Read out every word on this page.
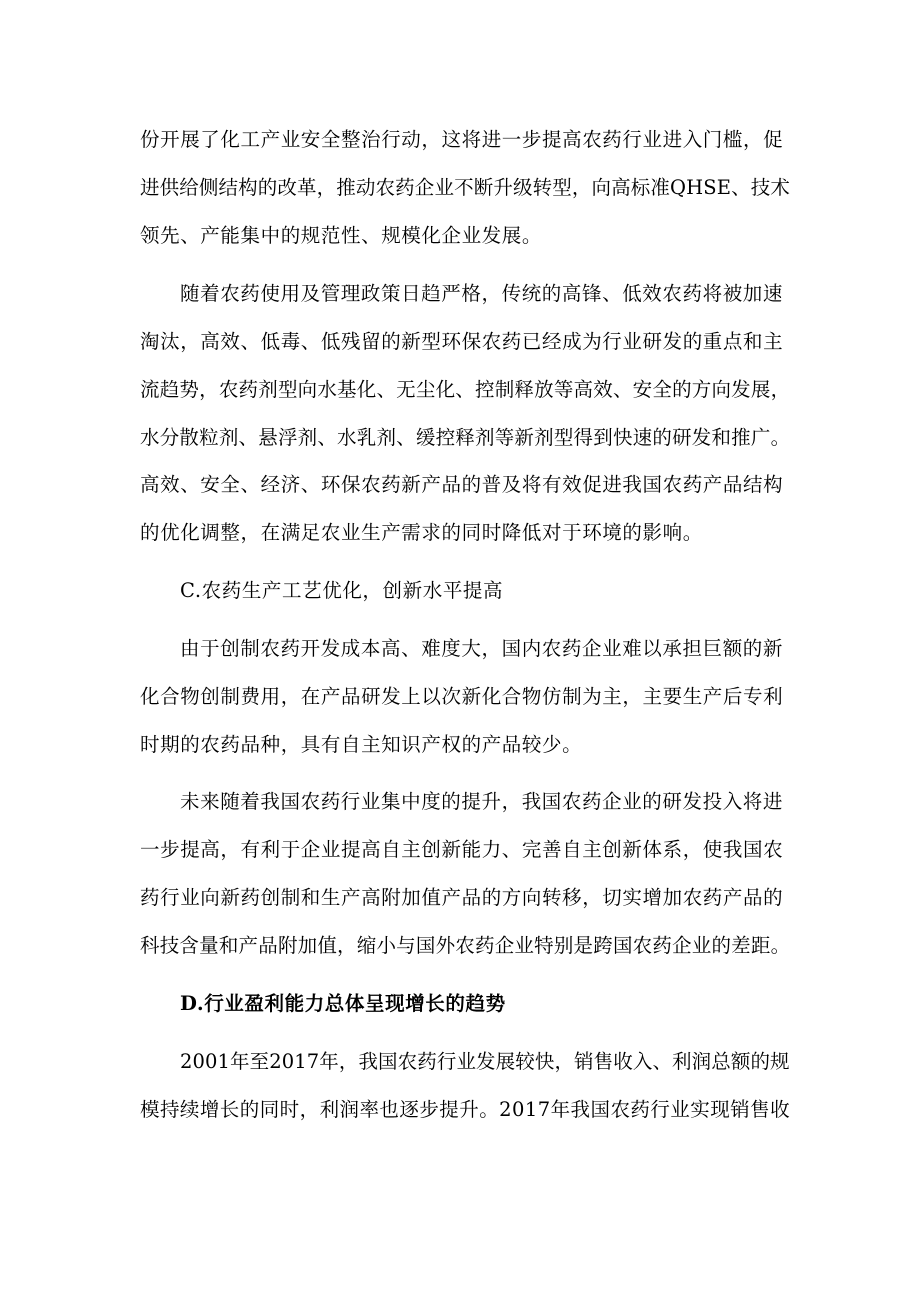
份开展了化工产业安全整治行动，这将进一步提高农药行业进入门槛，促
进供给侧结构的改革，推动农药企业不断升级转型，向高标准QHSE、技术
领先、产能集中的规范性、规模化企业发展。
随着农药使用及管理政策日趋严格，传统的高锋、低效农药将被加速
淘汰，高效、低毒、低残留的新型环保农药已经成为行业研发的重点和主
流趋势，农药剂型向水基化、无尘化、控制释放等高效、安全的方向发展，
水分散粒剂、悬浮剂、水乳剂、缓控释剂等新剂型得到快速的研发和推广。
高效、安全、经济、环保农药新产品的普及将有效促进我国农药产品结构
的优化调整，在满足农业生产需求的同时降低对于环境的影响。
C.农药生产工艺优化，创新水平提高
由于创制农药开发成本高、难度大，国内农药企业难以承担巨额的新
化合物创制费用，在产品研发上以次新化合物仿制为主，主要生产后专利
时期的农药品种，具有自主知识产权的产品较少。
未来随着我国农药行业集中度的提升，我国农药企业的研发投入将进
一步提高，有利于企业提高自主创新能力、完善自主创新体系，使我国农
药行业向新药创制和生产高附加值产品的方向转移，切实增加农药产品的
科技含量和产品附加值，缩小与国外农药企业特别是跨国农药企业的差距。
D.行业盈利能力总体呈现增长的趋势
2001年至2017年，我国农药行业发展较快，销售收入、利润总额的规
模持续增长的同时，利润率也逐步提升。2017年我国农药行业实现销售收
